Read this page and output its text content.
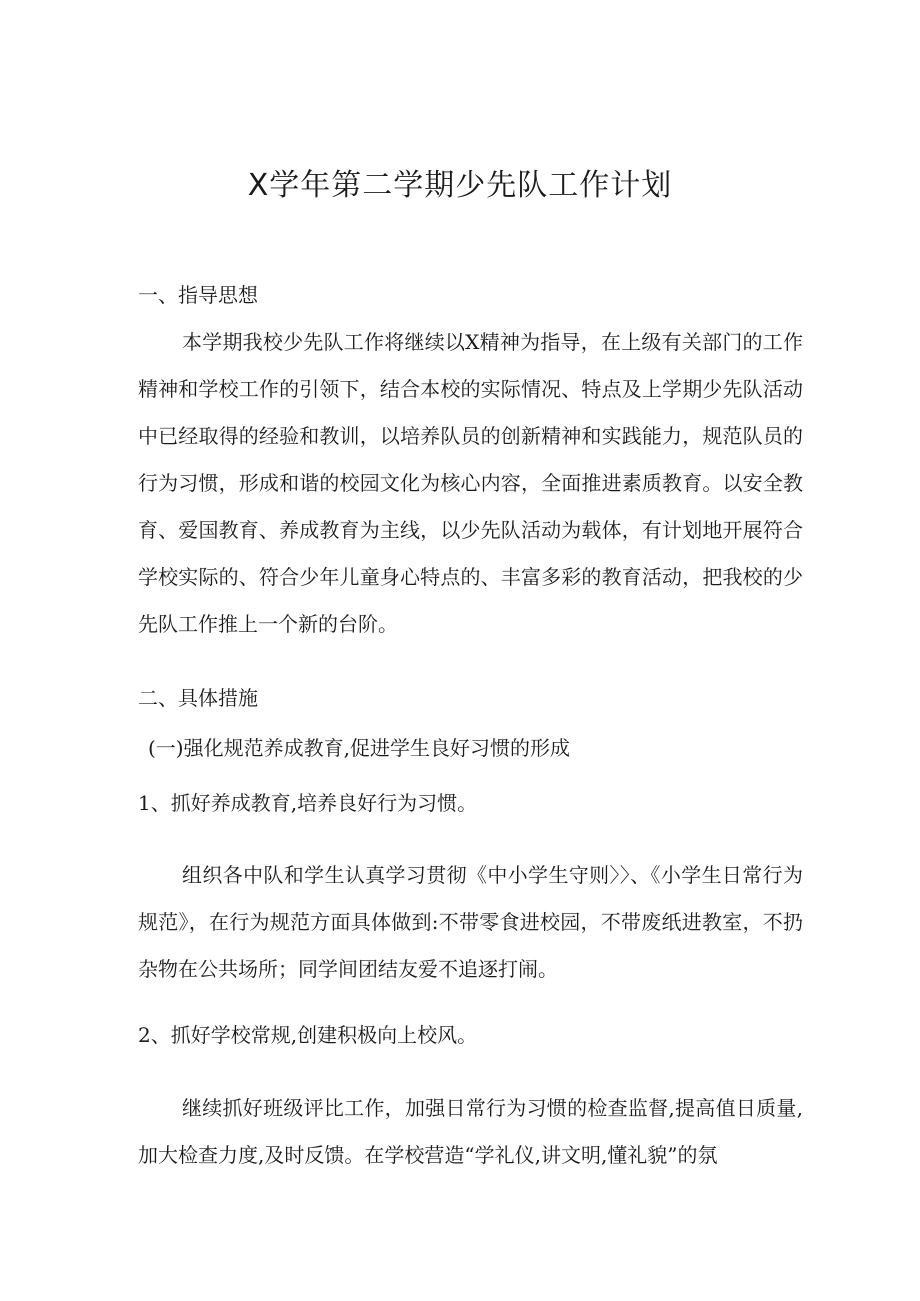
X学年第二学期少先队工作计划

一、指导思想

本学期我校少先队工作将继续以X精神为指导，在上级有关部门的工作精神和学校工作的引领下，结合本校的实际情况、特点及上学期少先队活动中已经取得的经验和教训，以培养队员的创新精神和实践能力，规范队员的行为习惯，形成和谐的校园文化为核心内容，全面推进素质教育。以安全教育、爱国教育、养成教育为主线，以少先队活动为载体，有计划地开展符合学校实际的、符合少年儿童身心特点的、丰富多彩的教育活动，把我校的少先队工作推上一个新的台阶。

二、具体措施

(一)强化规范养成教育,促进学生良好习惯的形成

1、抓好养成教育,培养良好行为习惯。

组织各中队和学生认真学习贯彻《中小学生守则〉〉、《小学生日常行为规范》，在行为规范方面具体做到:不带零食进校园，不带废纸进教室，不扔杂物在公共场所；同学间团结友爱不追逐打闹。

2、抓好学校常规,创建积极向上校风。

继续抓好班级评比工作，加强日常行为习惯的检查监督,提高值日质量,加大检查力度,及时反馈。在学校营造“学礼仪,讲文明,懂礼貌”的氛
